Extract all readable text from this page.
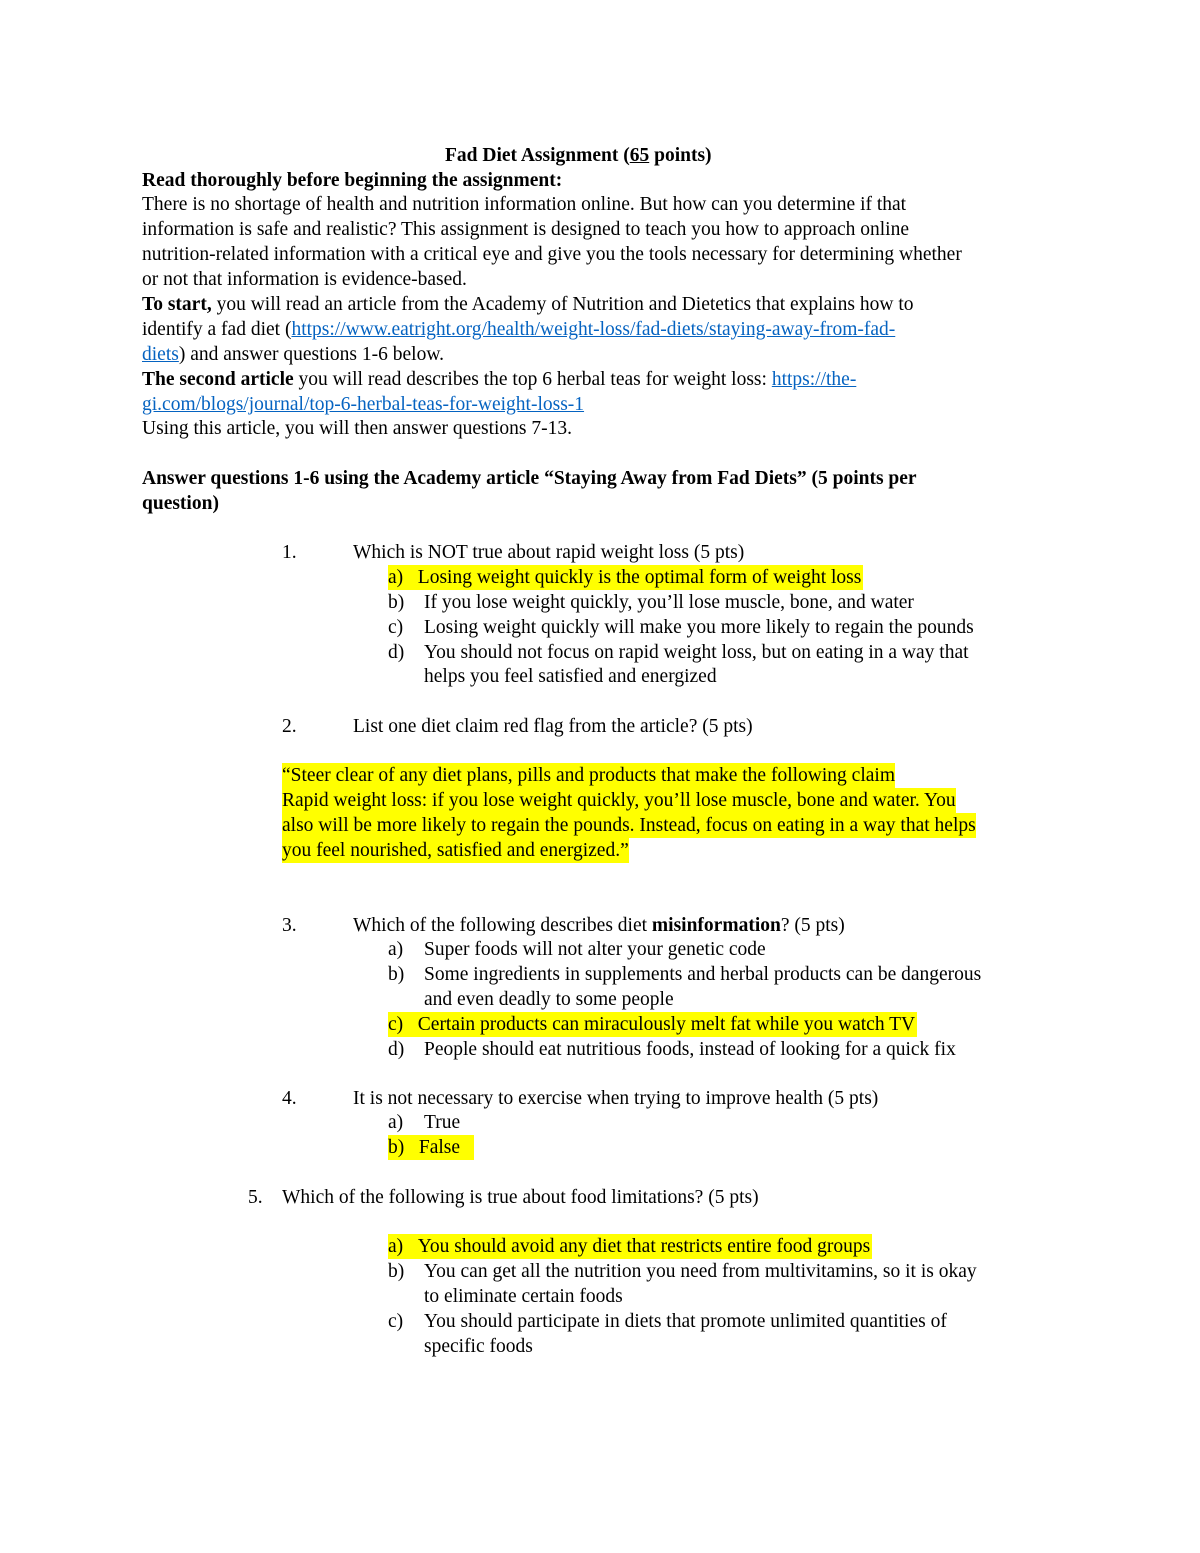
Fad Diet Assignment (65 points)
Read thoroughly before beginning the assignment:
There is no shortage of health and nutrition information online. But how can you determine if that
information is safe and realistic? This assignment is designed to teach you how to approach online
nutrition-related information with a critical eye and give you the tools necessary for determining whether
or not that information is evidence-based.
To start, you will read an article from the Academy of Nutrition and Dietetics that explains how to
identify a fad diet (https://www.eatright.org/health/weight-loss/fad-diets/staying-away-from-fad-
diets) and answer questions 1-6 below.
The second article you will read describes the top 6 herbal teas for weight loss: https://the-
gi.com/blogs/journal/top-6-herbal-teas-for-weight-loss-1
Using this article, you will then answer questions 7-13.
Answer questions 1-6 using the Academy article “Staying Away from Fad Diets” (5 points per
question)
1.	Which is NOT true about rapid weight loss (5 pts)
a) Losing weight quickly is the optimal form of weight loss
b) If you lose weight quickly, you’ll lose muscle, bone, and water
c) Losing weight quickly will make you more likely to regain the pounds
d) You should not focus on rapid weight loss, but on eating in a way that
helps you feel satisfied and energized
2.	List one diet claim red flag from the article? (5 pts)
“Steer clear of any diet plans, pills and products that make the following claim
Rapid weight loss: if you lose weight quickly, you’ll lose muscle, bone and water. You
also will be more likely to regain the pounds. Instead, focus on eating in a way that helps
you feel nourished, satisfied and energized.”
3.	Which of the following describes diet misinformation? (5 pts)
a) Super foods will not alter your genetic code
b) Some ingredients in supplements and herbal products can be dangerous
and even deadly to some people
c) Certain products can miraculously melt fat while you watch TV
d) People should eat nutritious foods, instead of looking for a quick fix
4.	It is not necessary to exercise when trying to improve health (5 pts)
a) True
b) False
5. Which of the following is true about food limitations? (5 pts)
a) You should avoid any diet that restricts entire food groups
b) You can get all the nutrition you need from multivitamins, so it is okay
to eliminate certain foods
c) You should participate in diets that promote unlimited quantities of
specific foods
